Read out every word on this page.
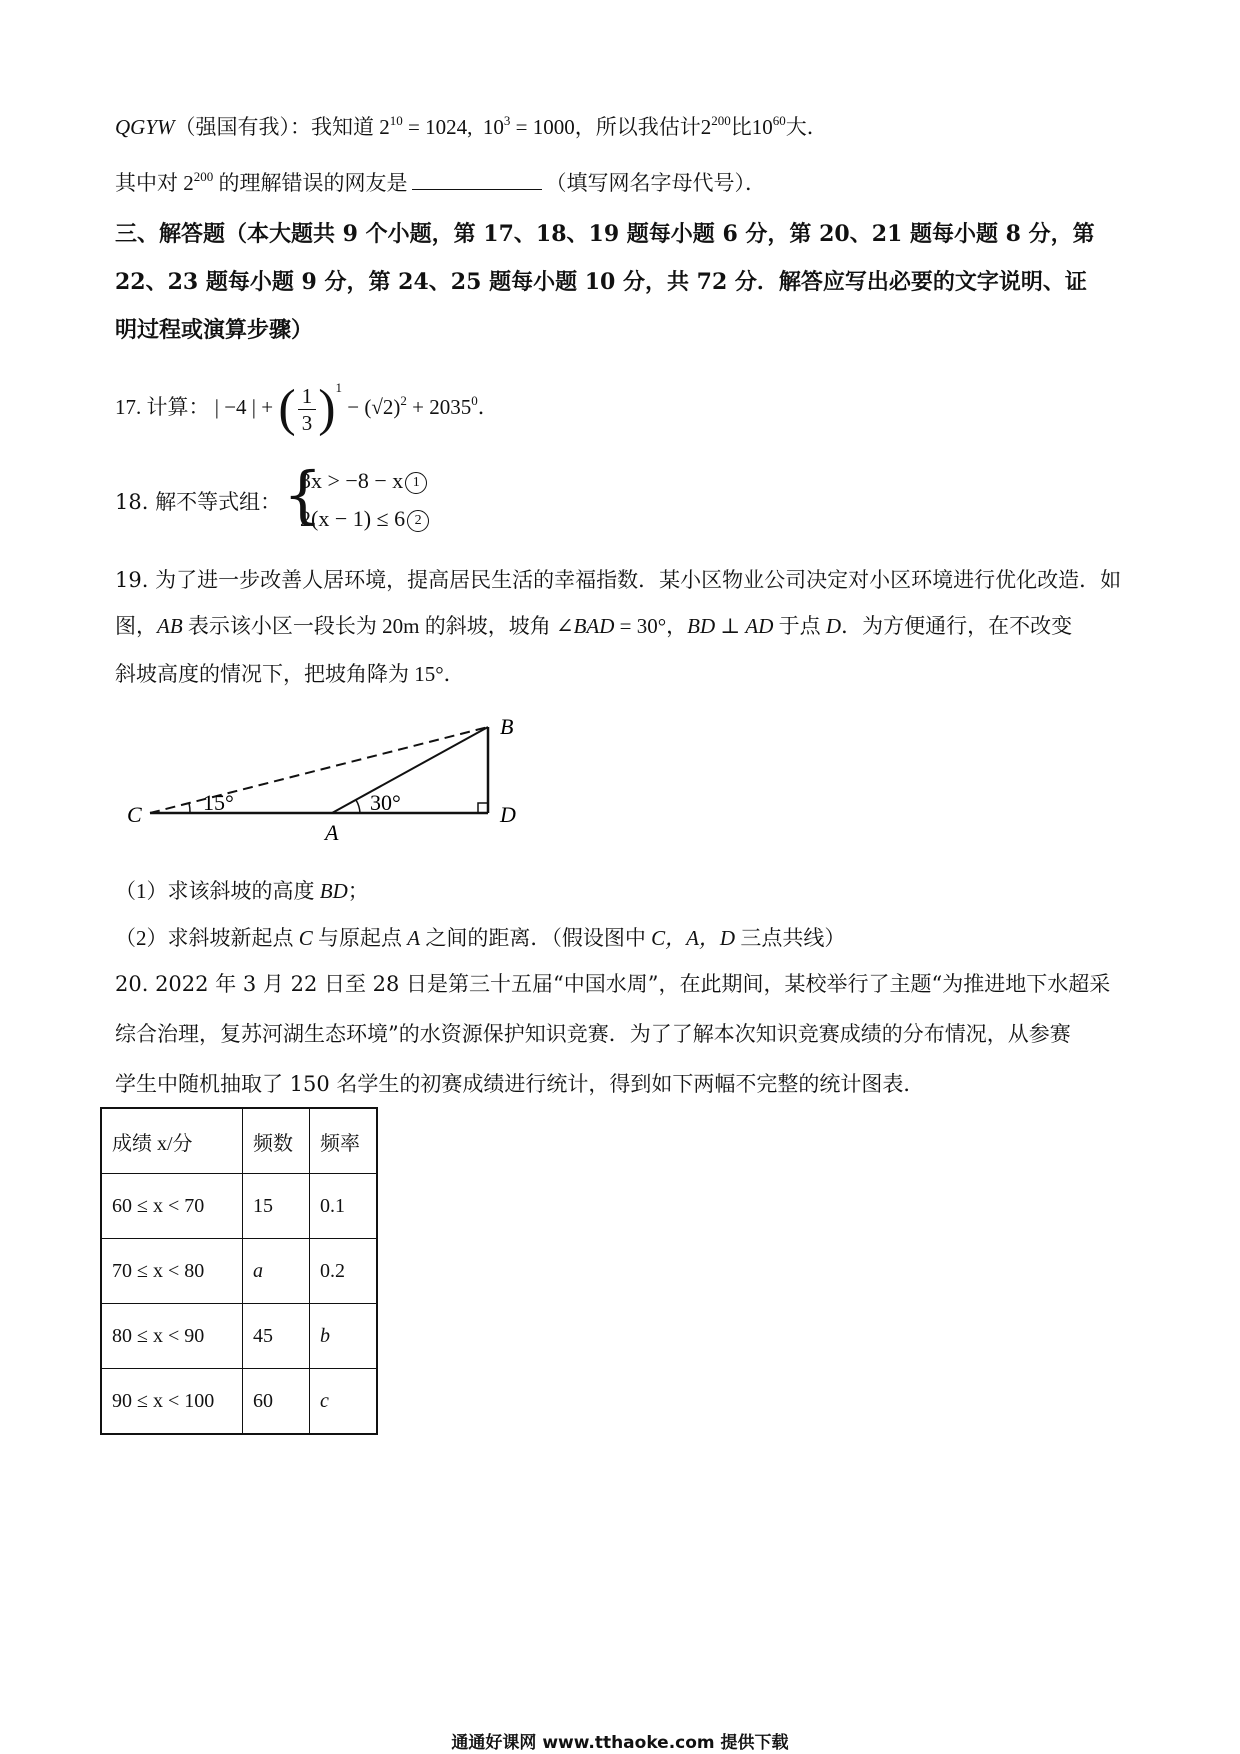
QGYW（强国有我）：我知道 $2^{10} = 1024$, $10^3 = 1000$，所以我估计$2^{200}$比$10^{60}$大．
其中对 $2^{200}$ 的理解错误的网友是	（填写网名字母代号）．
三、解答题（本大题共 9 个小题，第 17、18、19 题每小题 6 分，第 20、21 题每小题 8 分，第
22、23 题每小题 9 分，第 24、25 题每小题 10 分，共 72 分．解答应写出必要的文字说明、证
明过程或演算步骤）
17. 计算： | −4 | + ( $\frac{1}{3} )^1 - (√2)^2 + 2035^0$．
18. 解不等式组： {
3x > −8 − x 1
2(x − 1) ≤ 6 2
19. 为了进一步改善人居环境，提高居民生活的幸福指数．某小区物业公司决定对小区环境进行优化改造．如
图，AB 表示该小区一段长为 20m 的斜坡，坡角 ∠BAD = 30°，BD ⊥ AD 于点 D．为方便通行，在不改变
斜坡高度的情况下，把坡角降为 15°．
B
C
A
D
15°	30°
（1）求该斜坡的高度 BD；
（2）求斜坡新起点 C 与原起点 A 之间的距离．（假设图中 C，A，D 三点共线）
20. 2022 年 3 月 22 日至 28 日是第三十五届“中国水周”，在此期间，某校举行了主题“为推进地下水超采
综合治理，复苏河湖生态环境”的水资源保护知识竞赛．为了了解本次知识竞赛成绩的分布情况，从参赛
学生中随机抽取了 150 名学生的初赛成绩进行统计，得到如下两幅不完整的统计图表．
成绩 x/分	频数	频率
60 ≤ x < 70	15	0.1
70 ≤ x < 80	a	0.2
80 ≤ x < 90	45	b
90 ≤ x < 100	60	c
通通好课网 www.tthaoke.com 提供下载
